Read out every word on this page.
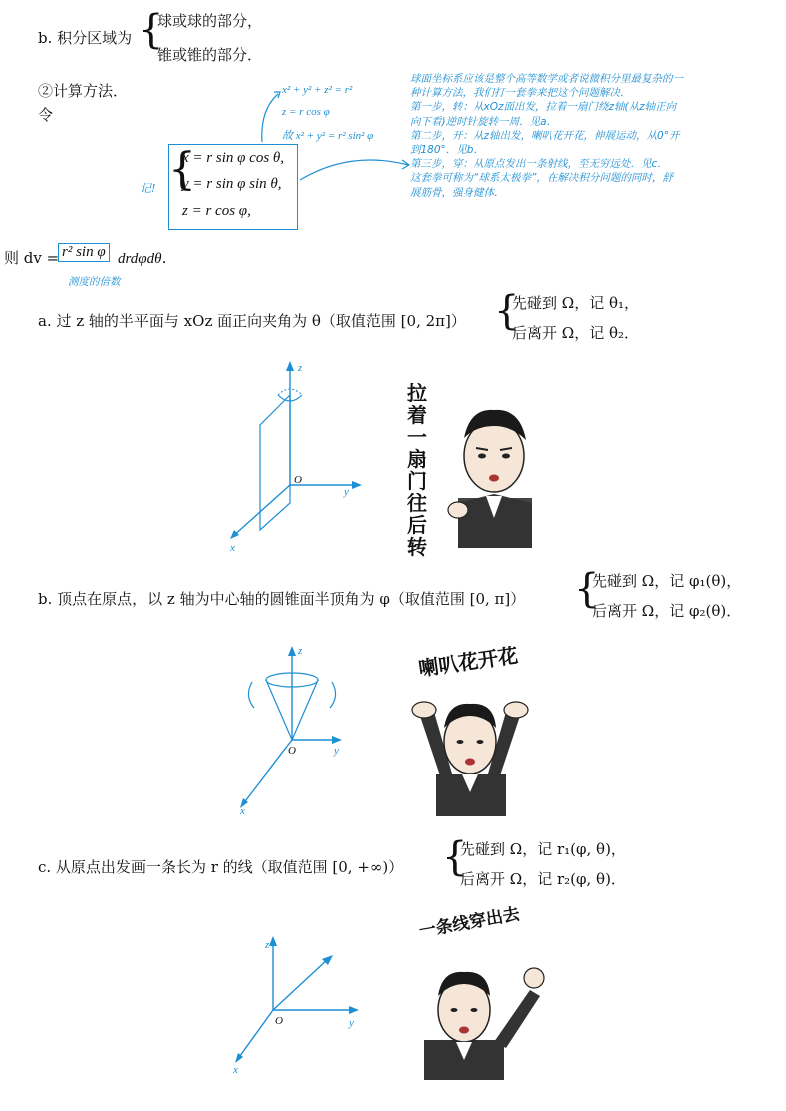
b. 积分区域为 {
球或球的部分，
锥或锥的部分．
②计算方法．
令
x² + y² + z² = r²
z = r cos φ
故 x² + y² = r² sin² φ
记! {
x = r sin φ cos θ,
y = r sin φ sin θ,
z = r cos φ,
球面坐标系应该是整个高等数学或者说微积分里最复杂的一
种计算方法，我们打一套拳来把这个问题解决．
第一步，转：从xOz面出发，拉着一扇门绕z轴(从z轴正向
向下看)逆时针旋转一周．见a．
第二步，开：从z轴出发，喇叭花开花，伸展运动，从0°开
到180°．见b．
第三步，穿：从原点发出一条射线，至无穷远处．见c．
这套拳可称为“球系太极拳”，在解决积分问题的同时，舒
展筋骨，强身健体．
则 dv = r² sin φ drdφdθ．
测度的倍数
a. 过 z 轴的半平面与 xOz 面正向夹角为 θ（取值范围 [0, 2π]） {
先碰到 Ω，记 θ₁，
后离开 Ω，记 θ₂．
z
y
x
O
拉着一扇门往后转
b. 顶点在原点，以 z 轴为中心轴的圆锥面半顶角为 φ（取值范围 [0, π]） {
先碰到 Ω，记 φ₁(θ)，
后离开 Ω，记 φ₂(θ)．
z
y
x
O
喇叭花开花
c. 从原点出发画一条长为 r 的线（取值范围 [0, +∞)） {
先碰到 Ω，记 r₁(φ, θ)，
后离开 Ω，记 r₂(φ, θ)．
z
y
x
O
一条线穿出去
